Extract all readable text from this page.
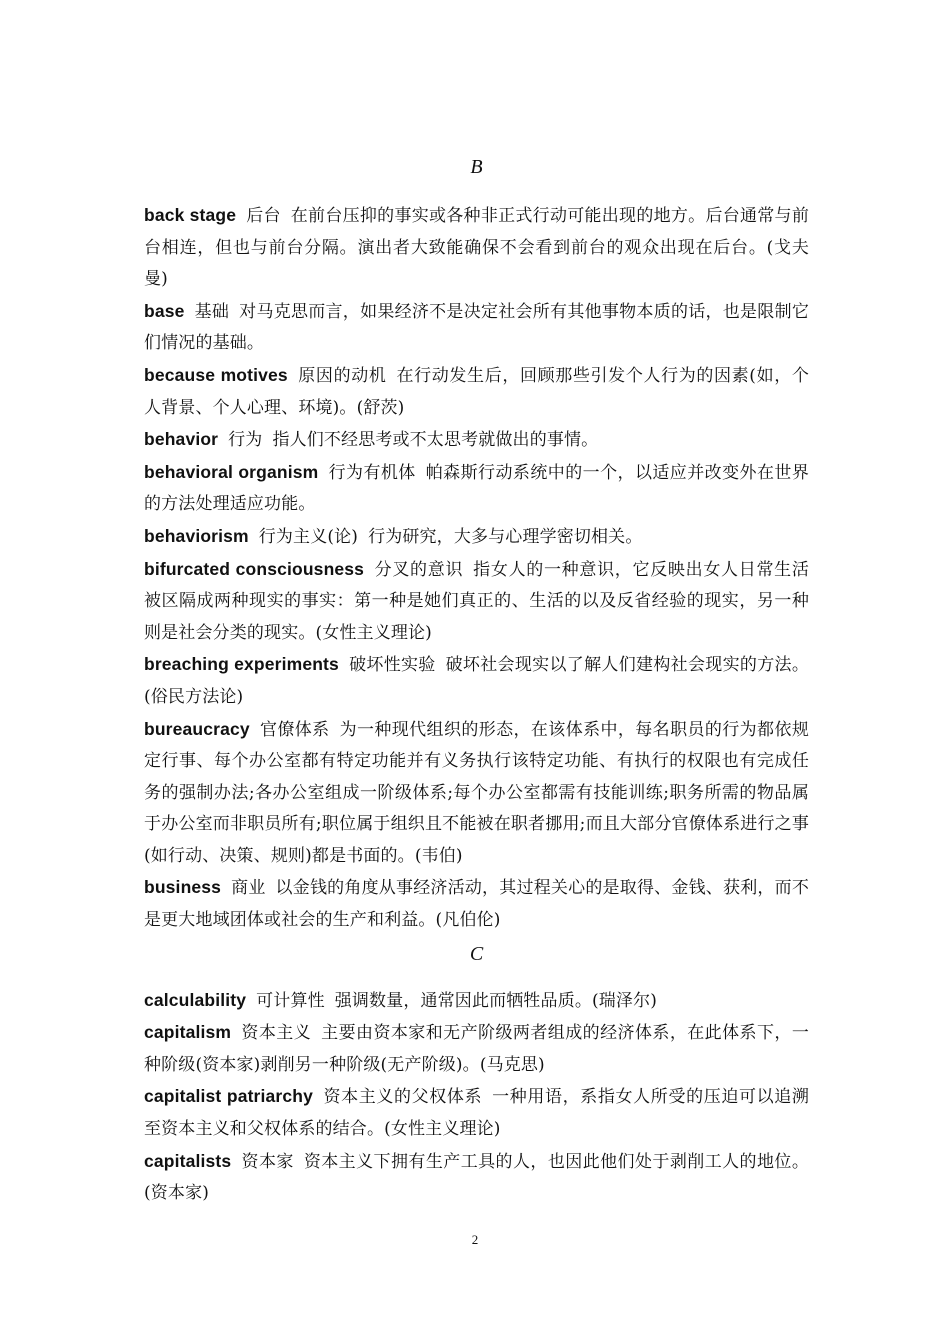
B

back stage 后台 在前台压抑的事实或各种非正式行动可能出现的地方。后台通常与前台相连，但也与前台分隔。演出者大致能确保不会看到前台的观众出现在后台。(戈夫曼)

base 基础 对马克思而言，如果经济不是决定社会所有其他事物本质的话，也是限制它们情况的基础。

because motives 原因的动机 在行动发生后，回顾那些引发个人行为的因素(如，个人背景、个人心理、环境)。(舒茨)

behavior 行为 指人们不经思考或不太思考就做出的事情。

behavioral organism 行为有机体 帕森斯行动系统中的一个，以适应并改变外在世界的方法处理适应功能。

behaviorism 行为主义(论) 行为研究，大多与心理学密切相关。

bifurcated consciousness 分叉的意识 指女人的一种意识，它反映出女人日常生活被区隔成两种现实的事实：第一种是她们真正的、生活的以及反省经验的现实，另一种则是社会分类的现实。(女性主义理论)

breaching experiments 破坏性实验 破坏社会现实以了解人们建构社会现实的方法。(俗民方法论)

bureaucracy 官僚体系 为一种现代组织的形态，在该体系中，每名职员的行为都依规定行事、每个办公室都有特定功能并有义务执行该特定功能、有执行的权限也有完成任务的强制办法;各办公室组成一阶级体系;每个办公室都需有技能训练;职务所需的物品属于办公室而非职员所有;职位属于组织且不能被在职者挪用;而且大部分官僚体系进行之事(如行动、决策、规则)都是书面的。(韦伯)

business 商业 以金钱的角度从事经济活动，其过程关心的是取得、金钱、获利，而不是更大地域团体或社会的生产和利益。(凡伯伦)

C

calculability 可计算性 强调数量，通常因此而牺牲品质。(瑞泽尔)

capitalism 资本主义 主要由资本家和无产阶级两者组成的经济体系，在此体系下，一种阶级(资本家)剥削另一种阶级(无产阶级)。(马克思)

capitalist patriarchy 资本主义的父权体系 一种用语，系指女人所受的压迫可以追溯至资本主义和父权体系的结合。(女性主义理论)

capitalists 资本家 资本主义下拥有生产工具的人，也因此他们处于剥削工人的地位。(资本家)

2
